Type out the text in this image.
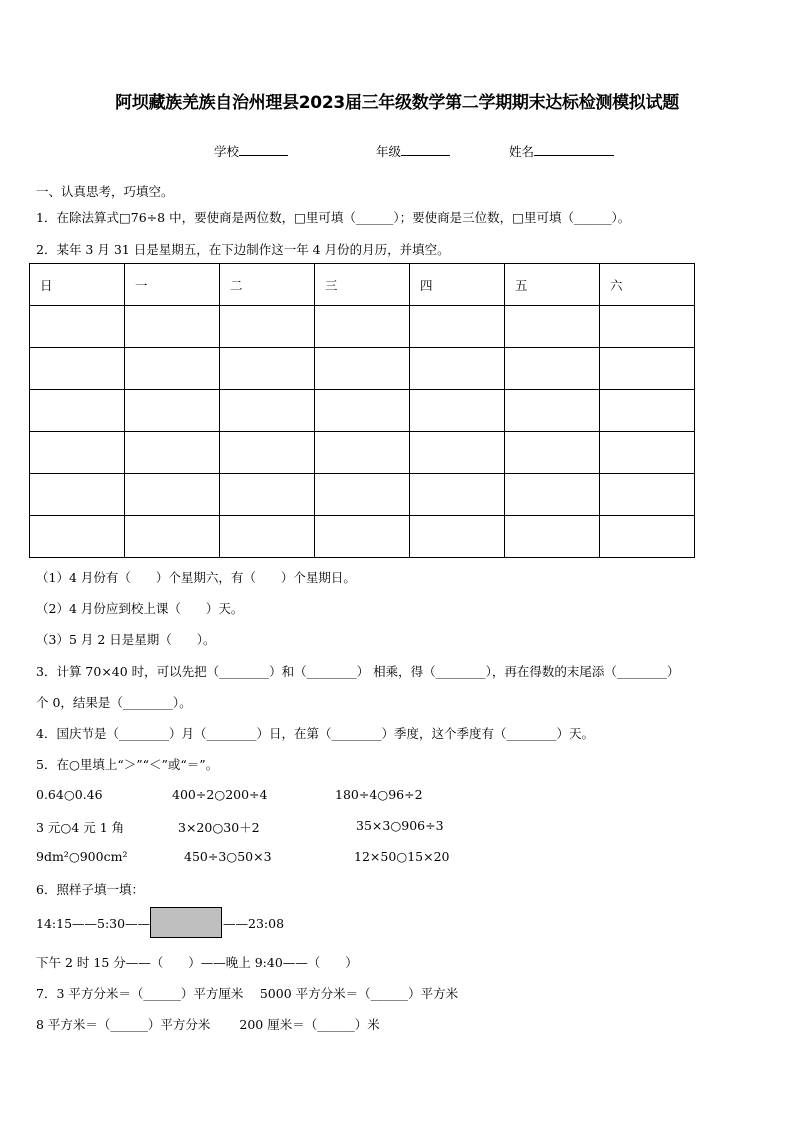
阿坝藏族羌族自治州理县2023届三年级数学第二学期期末达标检测模拟试题
学校	年级	姓名
一、认真思考，巧填空。
1．在除法算式□76÷8 中，要使商是两位数，□里可填（______）；要使商是三位数，□里可填（______）。
2．某年 3 月 31 日是星期五，在下边制作这一年 4 月份的月历，并填空。
日	一	二	三	四	五	六

（1）4 月份有（　　）个星期六，有（　　）个星期日。
（2）4 月份应到校上课（　　）天。
（3）5 月 2 日是星期（　　）。
3．计算 70×40 时，可以先把（________）和（________） 相乘，得（________），再在得数的末尾添（________）
个 0，结果是（________）。
4．国庆节是（________）月（________）日，在第（________）季度，这个季度有（________）天。
5．在○里填上“＞”“＜”或“＝”。
0.64○0.46	400÷2○200÷4	180÷4○96÷2
3 元○4 元 1 角	3×20○30＋2	35×3○906÷3
9dm²○900cm²	450÷3○50×3	12×50○15×20
6．照样子填一填：
14:15——5:30——	——23:08
下午 2 时 15 分——（　　）——晚上 9:40——（　　）
7．3 平方分米＝（______）平方厘米　 5000 平方分米＝（______）平方米
8 平方米＝（______）平方分米　　 200 厘米＝（______）米
